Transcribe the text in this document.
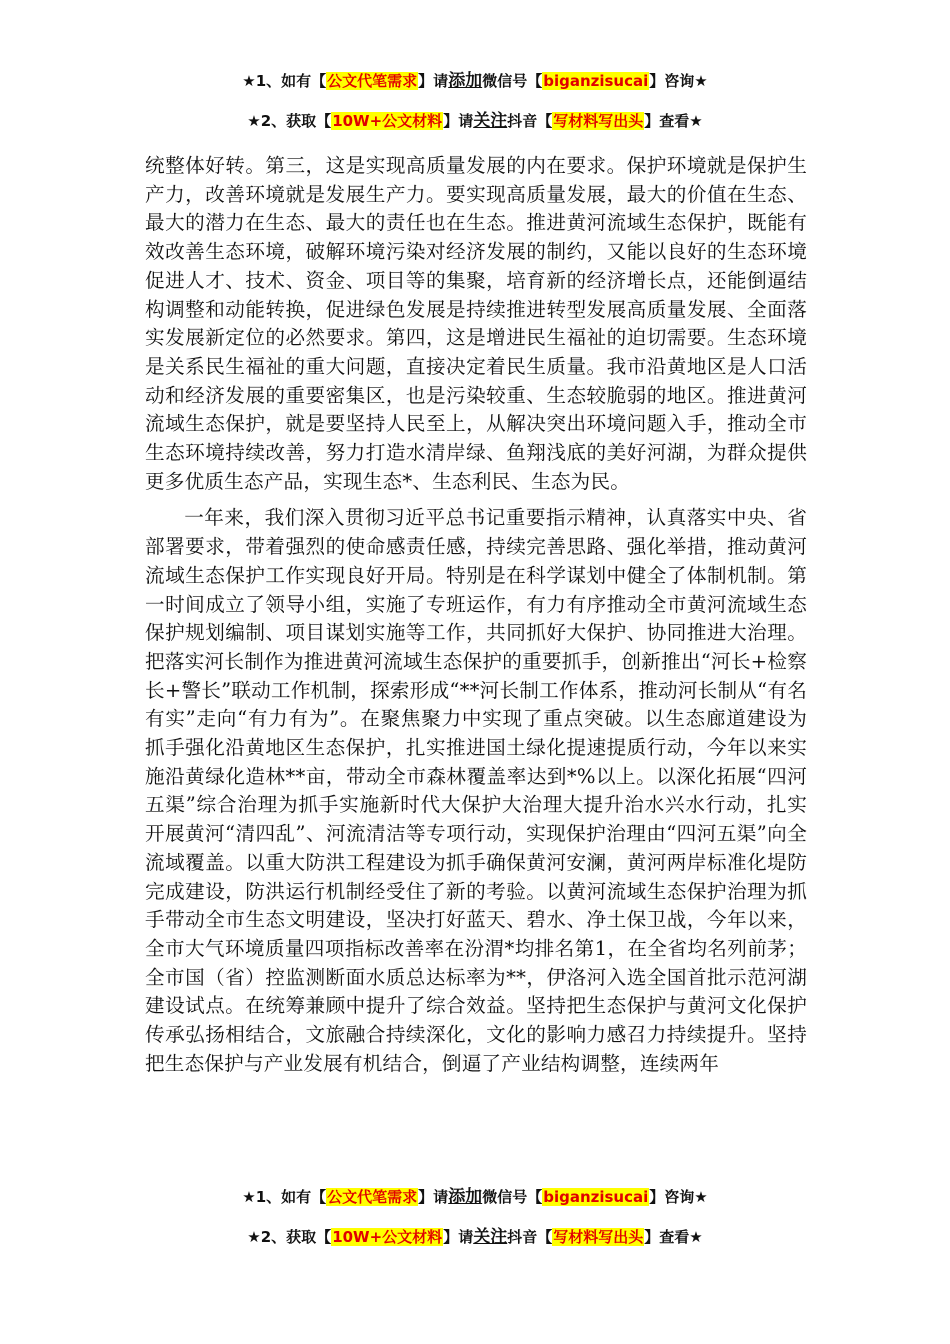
★1、如有【公文代笔需求】请添加微信号【biganzisucai】咨询★
★2、获取【10W+公文材料】请关注抖音【写材料写出头】查看★

统整体好转。第三，这是实现高质量发展的内在要求。保护环境就是保护生产力，改善环境就是发展生产力。要实现高质量发展，最大的价值在生态、最大的潜力在生态、最大的责任也在生态。推进黄河流域生态保护，既能有效改善生态环境，破解环境污染对经济发展的制约，又能以良好的生态环境促进人才、技术、资金、项目等的集聚，培育新的经济增长点，还能倒逼结构调整和动能转换，促进绿色发展是持续推进转型发展高质量发展、全面落实发展新定位的必然要求。第四，这是增进民生福祉的迫切需要。生态环境是关系民生福祉的重大问题，直接决定着民生质量。我市沿黄地区是人口活动和经济发展的重要密集区，也是污染较重、生态较脆弱的地区。推进黄河流域生态保护，就是要坚持人民至上，从解决突出环境问题入手，推动全市生态环境持续改善，努力打造水清岸绿、鱼翔浅底的美好河湖，为群众提供更多优质生态产品，实现生态*、生态利民、生态为民。

一年来，我们深入贯彻习近平总书记重要指示精神，认真落实中央、省部署要求，带着强烈的使命感责任感，持续完善思路、强化举措，推动黄河流域生态保护工作实现良好开局。特别是在科学谋划中健全了体制机制。第一时间成立了领导小组，实施了专班运作，有力有序推动全市黄河流域生态保护规划编制、项目谋划实施等工作，共同抓好大保护、协同推进大治理。把落实河长制作为推进黄河流域生态保护的重要抓手，创新推出“河长+检察长+警长”联动工作机制，探索形成“**河长制工作体系，推动河长制从“有名有实”走向“有力有为”。在聚焦聚力中实现了重点突破。以生态廊道建设为抓手强化沿黄地区生态保护，扎实推进国土绿化提速提质行动，今年以来实施沿黄绿化造林**亩，带动全市森林覆盖率达到*%以上。以深化拓展“四河五渠”综合治理为抓手实施新时代大保护大治理大提升治水兴水行动，扎实开展黄河“清四乱”、河流清洁等专项行动，实现保护治理由“四河五渠”向全流域覆盖。以重大防洪工程建设为抓手确保黄河安澜，黄河两岸标准化堤防完成建设，防洪运行机制经受住了新的考验。以黄河流域生态保护治理为抓手带动全市生态文明建设，坚决打好蓝天、碧水、净土保卫战，今年以来，全市大气环境质量四项指标改善率在汾渭*均排名第1，在全省均名列前茅；全市国（省）控监测断面水质总达标率为**，伊洛河入选全国首批示范河湖建设试点。在统筹兼顾中提升了综合效益。坚持把生态保护与黄河文化保护传承弘扬相结合，文旅融合持续深化，文化的影响力感召力持续提升。坚持把生态保护与产业发展有机结合，倒逼了产业结构调整，连续两年

★1、如有【公文代笔需求】请添加微信号【biganzisucai】咨询★
★2、获取【10W+公文材料】请关注抖音【写材料写出头】查看★
